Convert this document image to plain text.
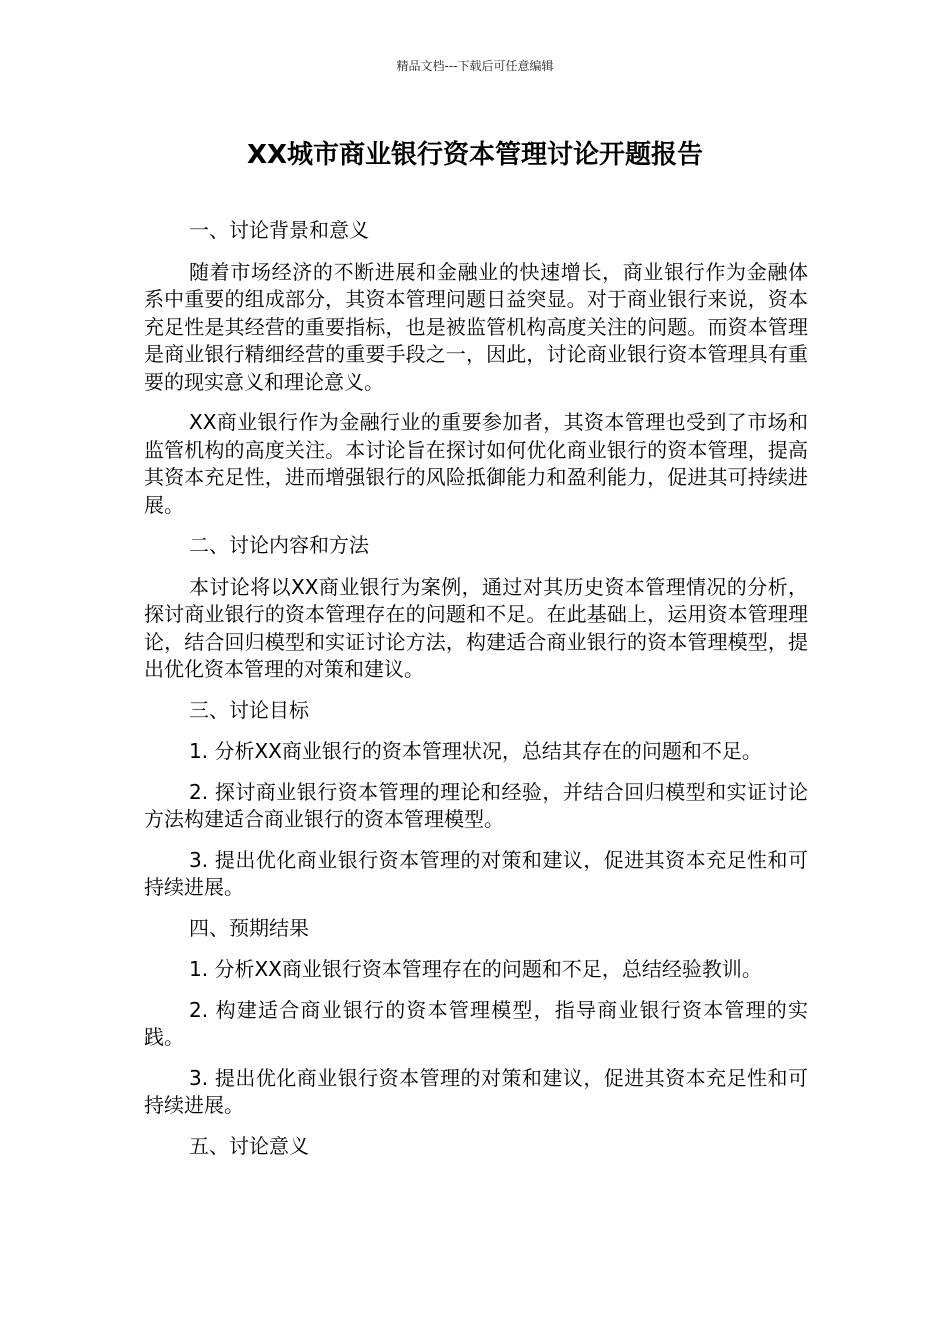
精品文档---下载后可任意编辑
XX城市商业银行资本管理讨论开题报告

一、讨论背景和意义

随着市场经济的不断进展和金融业的快速增长，商业银行作为金融体系中重要的组成部分，其资本管理问题日益突显。对于商业银行来说，资本充足性是其经营的重要指标，也是被监管机构高度关注的问题。而资本管理是商业银行精细经营的重要手段之一，因此，讨论商业银行资本管理具有重要的现实意义和理论意义。

XX商业银行作为金融行业的重要参加者，其资本管理也受到了市场和监管机构的高度关注。本讨论旨在探讨如何优化商业银行的资本管理，提高其资本充足性，进而增强银行的风险抵御能力和盈利能力，促进其可持续进展。

二、讨论内容和方法

本讨论将以XX商业银行为案例，通过对其历史资本管理情况的分析，探讨商业银行的资本管理存在的问题和不足。在此基础上，运用资本管理理论，结合回归模型和实证讨论方法，构建适合商业银行的资本管理模型，提出优化资本管理的对策和建议。

三、讨论目标

1. 分析XX商业银行的资本管理状况，总结其存在的问题和不足。

2. 探讨商业银行资本管理的理论和经验，并结合回归模型和实证讨论方法构建适合商业银行的资本管理模型。

3. 提出优化商业银行资本管理的对策和建议，促进其资本充足性和可持续进展。

四、预期结果

1. 分析XX商业银行资本管理存在的问题和不足，总结经验教训。

2. 构建适合商业银行的资本管理模型，指导商业银行资本管理的实践。

3. 提出优化商业银行资本管理的对策和建议，促进其资本充足性和可持续进展。

五、讨论意义
